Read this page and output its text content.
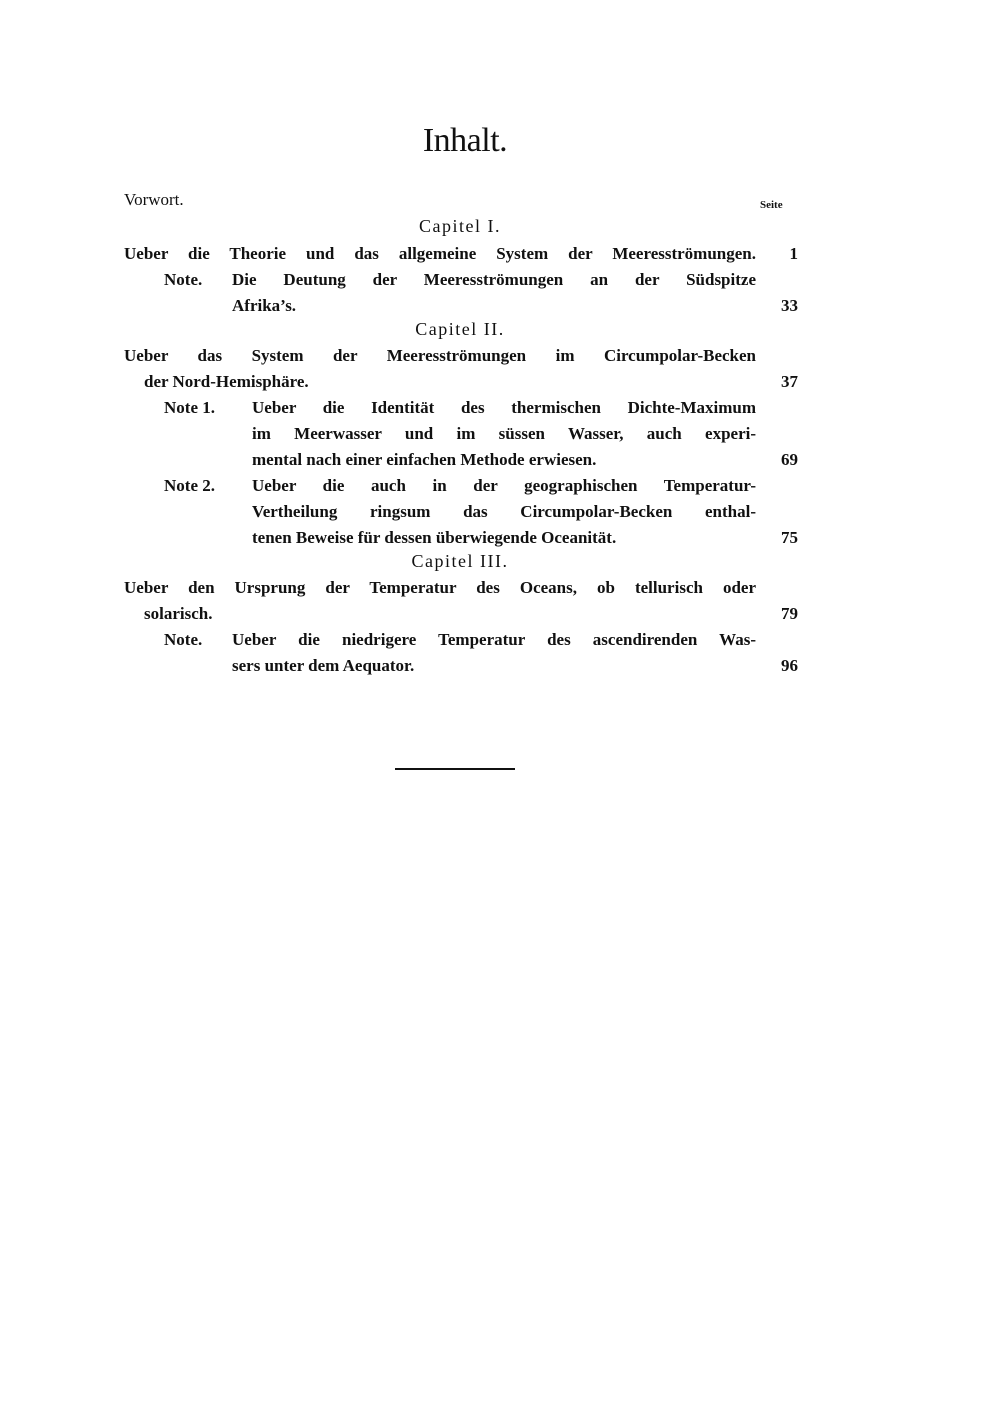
Inhalt.
Vorwort.	Seite
Capitel I.
Ueber die Theorie und das allgemeine System der Meeresströmungen. 1
Note. Die Deutung der Meeresströmungen an der Südspitze
Afrika’s.	33
Capitel II.
Ueber das System der Meeresströmungen im Circumpolar-Becken
der Nord-Hemisphäre.	37
Note 1. Ueber die Identität des thermischen Dichte-Maximum
im Meerwasser und im süssen Wasser, auch experi-
mental nach einer einfachen Methode erwiesen.	69
Note 2. Ueber die auch in der geographischen Temperatur-
Vertheilung ringsum das Circumpolar-Becken enthal-
tenen Beweise für dessen überwiegende Oceanität.	75
Capitel III.
Ueber den Ursprung der Temperatur des Oceans, ob tellurisch oder
solarisch.	79
Note. Ueber die niedrigere Temperatur des ascendirenden Was-
sers unter dem Aequator.	96
